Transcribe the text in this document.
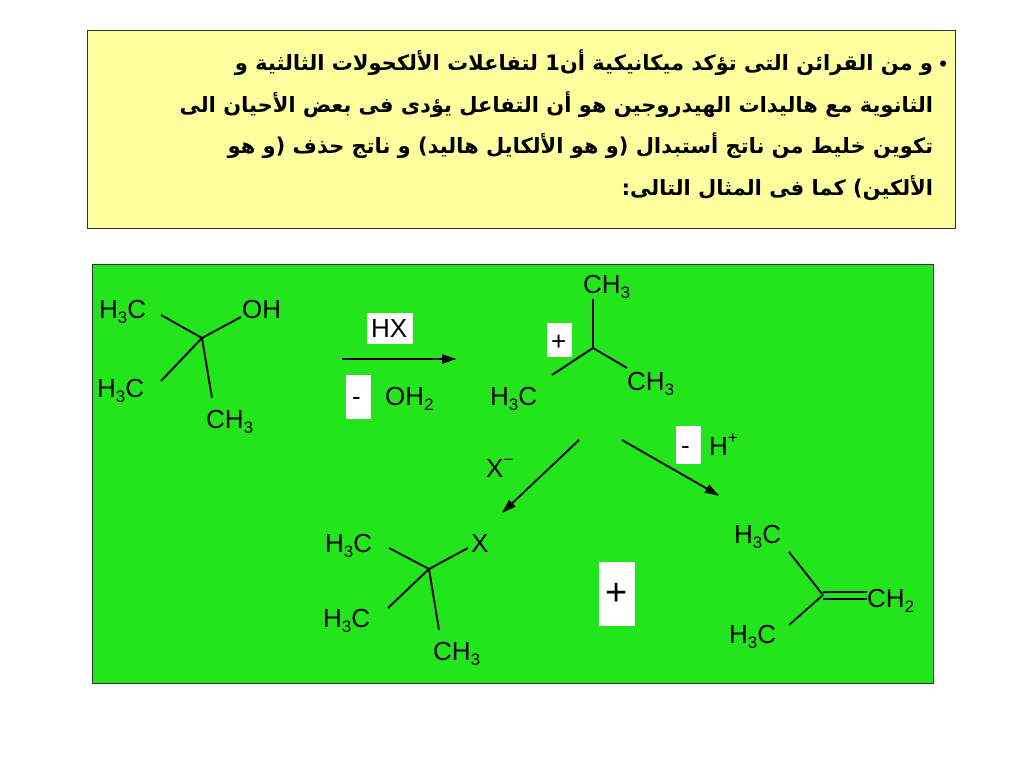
•
و من القرائن التى تؤكد ميكانيكية أن1 لتفاعلات الألكحولات الثالثية و
الثانوية مع هاليدات الهيدروجين هو أن التفاعل يؤدى فى بعض الأحيان الى
تكوين خليط من ناتج أستبدال (و هو الألكايل هاليد) و ناتج حذف (و هو
الألكين) كما فى المثال التالى:
$H_3C$	OH
$H_3C$
$CH_3$
HX
- $OH_2$
$CH_3$
+
$CH_3$
$H_3C$
X−	- H+
$H_3C$	X
$H_3C$
$CH_3$
+
$H_3C$
$CH_2$
$H_3C$
